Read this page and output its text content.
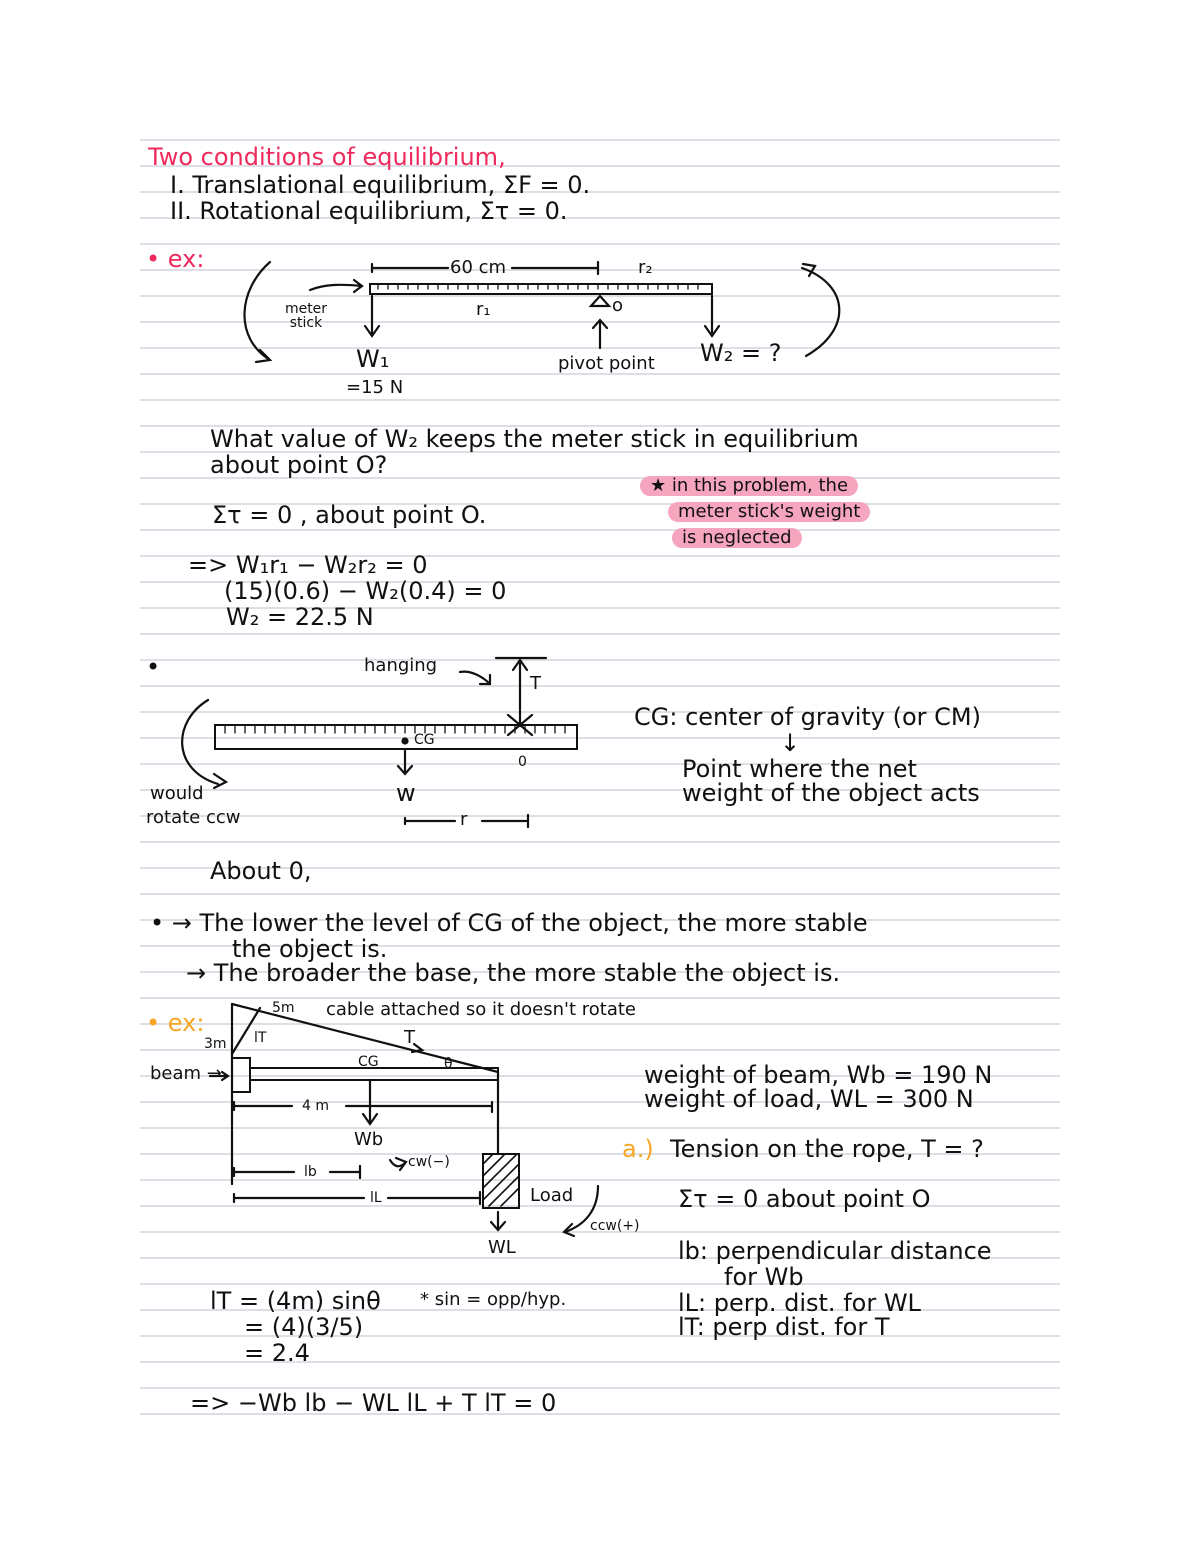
Two conditions of equilibrium,
I. Translational equilibrium, ΣF = 0.
II. Rotational equilibrium, Στ = 0.
• ex:	60 cm	r₂
r₁
meter stick
W₁
=15 N
o
pivot point W₂ = ?
What value of W₂ keeps the meter stick in equilibrium
about point O?
Στ = 0 , about point O.
★ in this problem, the
meter stick's weight
is neglected
=> W₁r₁ − W₂r₂ = 0
(15)(0.6) − W₂(0.4) = 0
W₂ = 22.5 N
•	hanging
T
CG
0
w
r
would
rotate ccw
CG: center of gravity (or CM)
↓
Point where the net
weight of the object acts
About 0,
• → The lower the level of CG of the object, the more stable
the object is.
→ The broader the base, the more stable the object is.
• ex:
5m cable attached so it doesn't rotate
3m lT	T
CG	θ
beam →
4 m
Wb
cw(−)
lb
lL	Load
ccw(+)
WL
weight of beam, Wb = 190 N
weight of load, WL = 300 N
a.) Tension on the rope, T = ?
Στ = 0 about point O
lb: perpendicular distance
for Wb
lL: perp. dist. for WL
lT: perp dist. for T
lT = (4m) sinθ * sin = opp/hyp.
= (4)(3/5)
= 2.4
=> −Wb lb − WL lL + T lT = 0
